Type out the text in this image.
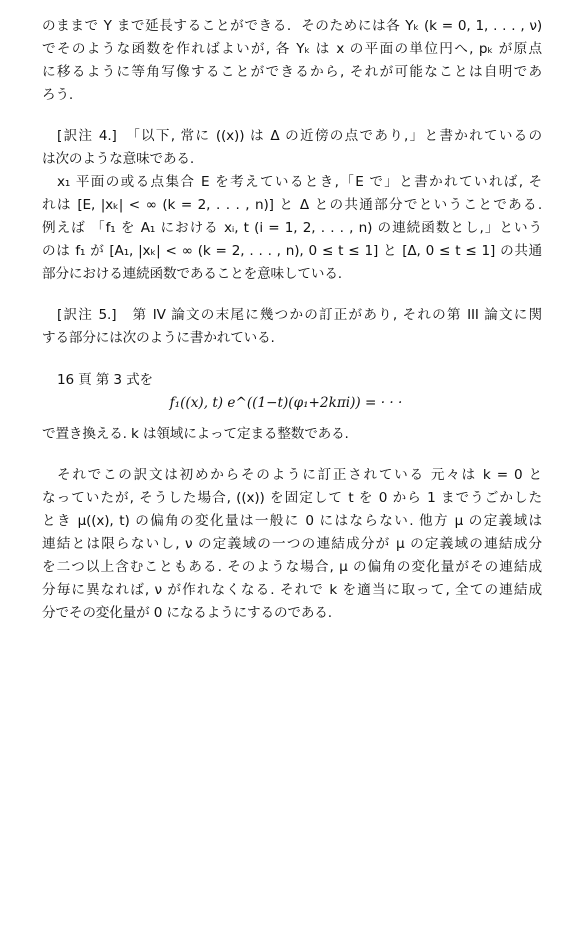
のままで Y まで延長することができる．そのためには各 Yₖ (k = 0, 1, . . . , ν)
でそのような函数を作ればよいが, 各 Yₖ は x の平面の単位円へ, pₖ が原点
に移るように等角写像することができるから, それが可能なことは自明であ
ろう.
[訳注 4.]　「以下, 常に ((x)) は Δ の近傍の点であり,」と書かれているの
は次のような意味である.
x₁ 平面の或る点集合 E を考えているとき,「E で」と書かれていれば, そ
れは [E, |xₖ| < ∞ (k = 2, . . . , n)] と Δ との共通部分でということである.
例えば 「f₁ を A₁ における xᵢ, t (i = 1, 2, . . . , n) の連続函数とし,」という
のは f₁ が [A₁, |xₖ| < ∞ (k = 2, . . . , n), 0 ≤ t ≤ 1] と [Δ, 0 ≤ t ≤ 1] の共通
部分における連続函数であることを意味している.
[訳注 5.]　第 IV 論文の末尾に幾つかの訂正があり, それの第 III 論文に関
する部分には次のように書かれている.
16 頁 第 3 式を
f₁((x), t) e^((1−t)(φ₁+2kπi)) = · · ·
で置き換える. k は領域によって定まる整数である.
それでこの訳文は初めからそのように訂正されている 元々は k = 0 と
なっていたが, そうした場合, ((x)) を固定して t を 0 から 1 までうごかした
とき μ((x), t) の偏角の変化量は一般に 0 にはならない. 他方 μ の定義域は
連結とは限らないし, ν の定義域の一つの連結成分が μ の定義域の連結成分
を二つ以上含むこともある. そのような場合, μ の偏角の変化量がその連結成
分毎に異なれば, ν が作れなくなる. それで k を適当に取って, 全ての連結成
分でその変化量が 0 になるようにするのである.
